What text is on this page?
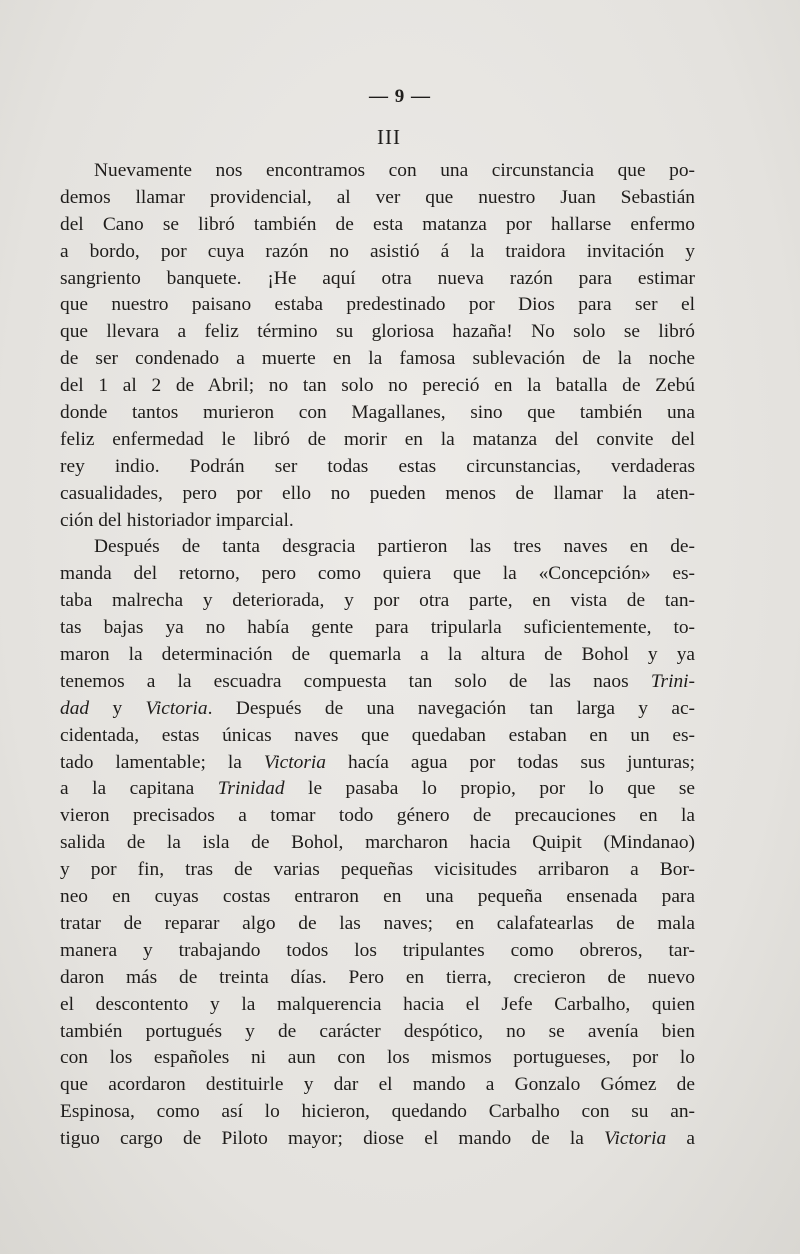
— 9 —
III
Nuevamente nos encontramos con una circunstancia que po-
demos llamar providencial, al ver que nuestro Juan Sebastián
del Cano se libró también de esta matanza por hallarse enfermo
a bordo, por cuya razón no asistió á la traidora invitación y
sangriento banquete. ¡He aquí otra nueva razón para estimar
que nuestro paisano estaba predestinado por Dios para ser el
que llevara a feliz término su gloriosa hazaña! No solo se libró
de ser condenado a muerte en la famosa sublevación de la noche
del 1 al 2 de Abril; no tan solo no pereció en la batalla de Zebú
donde tantos murieron con Magallanes, sino que también una
feliz enfermedad le libró de morir en la matanza del convite del
rey indio. Podrán ser todas estas circunstancias, verdaderas
casualidades, pero por ello no pueden menos de llamar la aten-
ción del historiador imparcial.
Después de tanta desgracia partieron las tres naves en de-
manda del retorno, pero como quiera que la «Concepción» es-
taba malrecha y deteriorada, y por otra parte, en vista de tan-
tas bajas ya no había gente para tripularla suficientemente, to-
maron la determinación de quemarla a la altura de Bohol y ya
tenemos a la escuadra compuesta tan solo de las naos Trini-
dad y Victoria. Después de una navegación tan larga y ac-
cidentada, estas únicas naves que quedaban estaban en un es-
tado lamentable; la Victoria hacía agua por todas sus junturas;
a la capitana Trinidad le pasaba lo propio, por lo que se
vieron precisados a tomar todo género de precauciones en la
salida de la isla de Bohol, marcharon hacia Quipit (Mindanao)
y por fin, tras de varias pequeñas vicisitudes arribaron a Bor-
neo en cuyas costas entraron en una pequeña ensenada para
tratar de reparar algo de las naves; en calafatearlas de mala
manera y trabajando todos los tripulantes como obreros, tar-
daron más de treinta días. Pero en tierra, crecieron de nuevo
el descontento y la malquerencia hacia el Jefe Carbalho, quien
también portugués y de carácter despótico, no se avenía bien
con los españoles ni aun con los mismos portugueses, por lo
que acordaron destituirle y dar el mando a Gonzalo Gómez de
Espinosa, como así lo hicieron, quedando Carbalho con su an-
tiguo cargo de Piloto mayor; diose el mando de la Victoria a
